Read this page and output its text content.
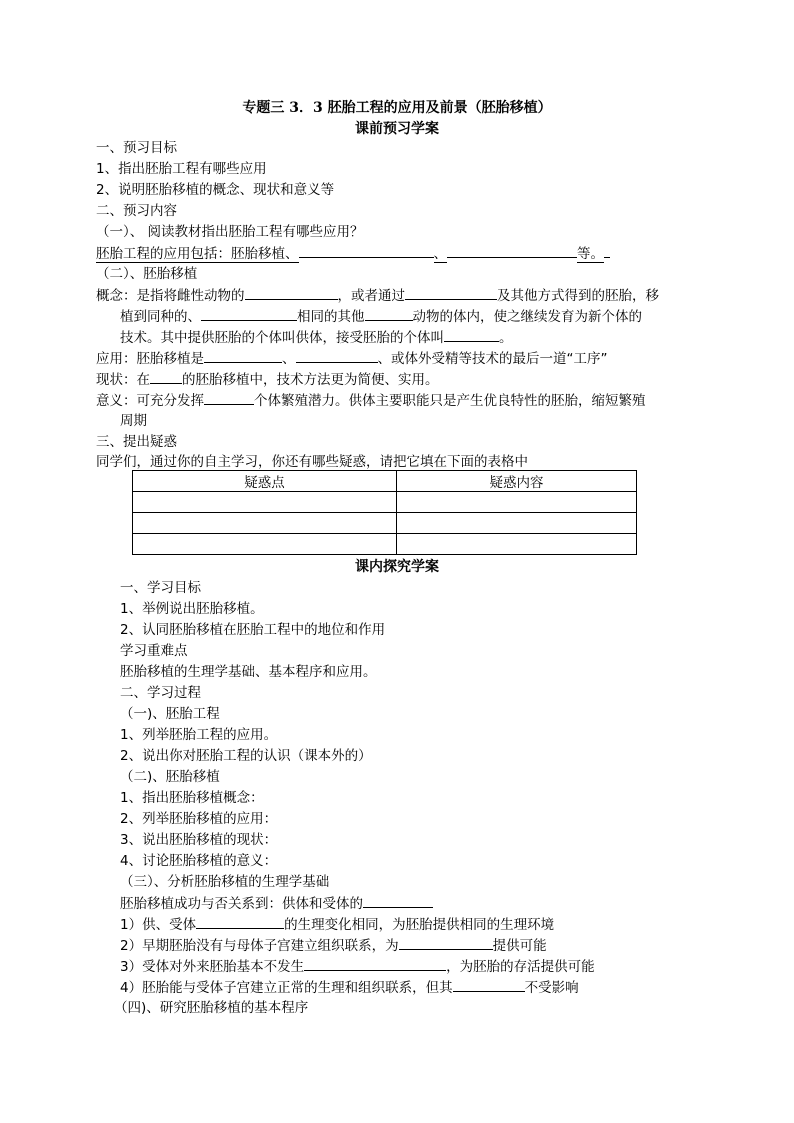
专题三 3．3 胚胎工程的应用及前景（胚胎移植）
课前预习学案
一、预习目标
1、指出胚胎工程有哪些应用
2、说明胚胎移植的概念、现状和意义等
二、预习内容
（一）、 阅读教材指出胚胎工程有哪些应用？
胚胎工程的应用包括：胚胎移植、	、	等。
（二）、胚胎移植
概念：是指将雌性动物的	，或者通过	及其他方式得到的胚胎，移
植到同种的、	相同的其他	动物的体内，使之继续发育为新个体的
技术。其中提供胚胎的个体叫供体，接受胚胎的个体叫	。
应用：胚胎移植是	、	、或体外受精等技术的最后一道“工序”
现状：在 的胚胎移植中，技术方法更为简便、实用。
意义：可充分发挥	个体繁殖潜力。供体主要职能只是产生优良特性的胚胎，缩短繁殖
周期
三、提出疑惑
同学们，通过你的自主学习，你还有哪些疑惑，请把它填在下面的表格中
疑惑点	疑惑内容

课内探究学案
一、学习目标
1、举例说出胚胎移植。
2、认同胚胎移植在胚胎工程中的地位和作用
学习重难点
胚胎移植的生理学基础、基本程序和应用。
二、学习过程
（一)、胚胎工程
1、列举胚胎工程的应用。
2、说出你对胚胎工程的认识（课本外的）
（二)、胚胎移植
1、指出胚胎移植概念：
2、列举胚胎移植的应用：
3、说出胚胎移植的现状：
4、讨论胚胎移植的意义：
（三）、分析胚胎移植的生理学基础
胚胎移植成功与否关系到：供体和受体的
1）供、受体	的生理变化相同，为胚胎提供相同的生理环境
2）早期胚胎没有与母体子宫建立组织联系，为	提供可能
3）受体对外来胚胎基本不发生	，为胚胎的存活提供可能
4）胚胎能与受体子宫建立正常的生理和组织联系，但其	不受影响
（四)、研究胚胎移植的基本程序
